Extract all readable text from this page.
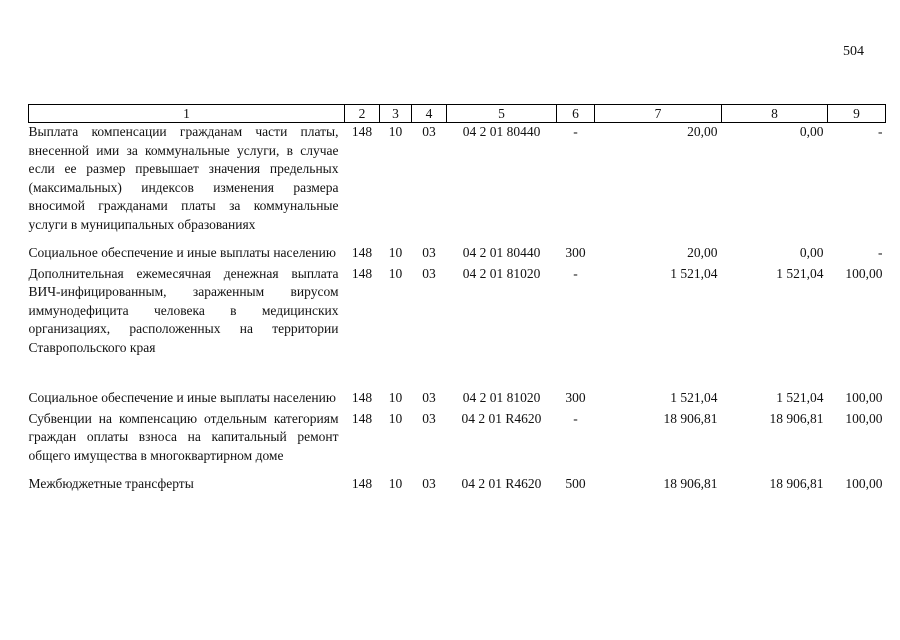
504
1	2	3	4	5	6	7	8	9
Выплата компенсации гражданам части платы, внесенной ими за коммунальные услуги, в случае если ее размер превышает значения предельных (максимальных) индексов изменения размера вносимой гражданами платы за коммунальные услуги в муниципальных образованиях	148	10	03	04 2 01 80440	-	20,00	0,00	-
Социальное обеспечение и иные выплаты населению	148	10	03	04 2 01 80440	300	20,00	0,00	-
Дополнительная ежемесячная денежная выплата ВИЧ-инфицированным, зараженным вирусом иммунодефицита человека в медицинских организациях, расположенных на территории Ставропольского края	148	10	03	04 2 01 81020	-	1 521,04	1 521,04	100,00
Социальное обеспечение и иные выплаты населению	148	10	03	04 2 01 81020	300	1 521,04	1 521,04	100,00
Субвенции на компенсацию отдельным категориям граждан оплаты взноса на капитальный ремонт общего имущества в многоквартирном доме	148	10	03	04 2 01 R4620	-	18 906,81	18 906,81	100,00
Межбюджетные трансферты	148	10	03	04 2 01 R4620	500	18 906,81	18 906,81	100,00
